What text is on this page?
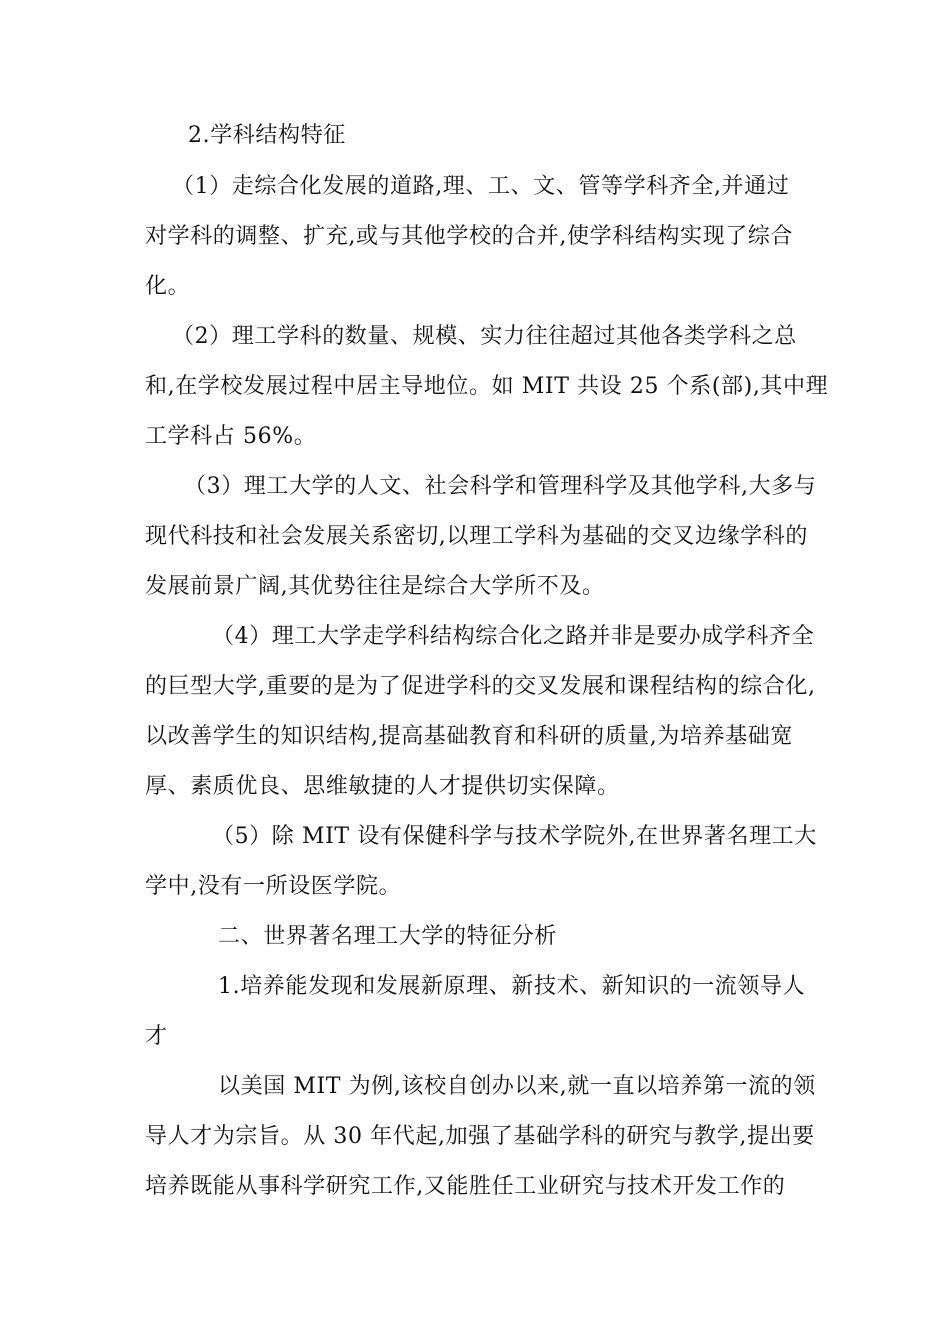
2.学科结构特征
（1）走综合化发展的道路,理、工、文、管等学科齐全,并通过
对学科的调整、扩充,或与其他学校的合并,使学科结构实现了综合
化。
（2）理工学科的数量、规模、实力往往超过其他各类学科之总
和,在学校发展过程中居主导地位。如 MIT 共设 25 个系(部),其中理
工学科占 56%。
（3）理工大学的人文、社会科学和管理科学及其他学科,大多与
现代科技和社会发展关系密切,以理工学科为基础的交叉边缘学科的
发展前景广阔,其优势往往是综合大学所不及。
（4）理工大学走学科结构综合化之路并非是要办成学科齐全
的巨型大学,重要的是为了促进学科的交叉发展和课程结构的综合化,
以改善学生的知识结构,提高基础教育和科研的质量,为培养基础宽
厚、素质优良、思维敏捷的人才提供切实保障。
（5）除 MIT 设有保健科学与技术学院外,在世界著名理工大
学中,没有一所设医学院。
二、世界著名理工大学的特征分析
1.培养能发现和发展新原理、新技术、新知识的一流领导人
才
以美国 MIT 为例,该校自创办以来,就一直以培养第一流的领
导人才为宗旨。从 30 年代起,加强了基础学科的研究与教学,提出要
培养既能从事科学研究工作,又能胜任工业研究与技术开发工作的
